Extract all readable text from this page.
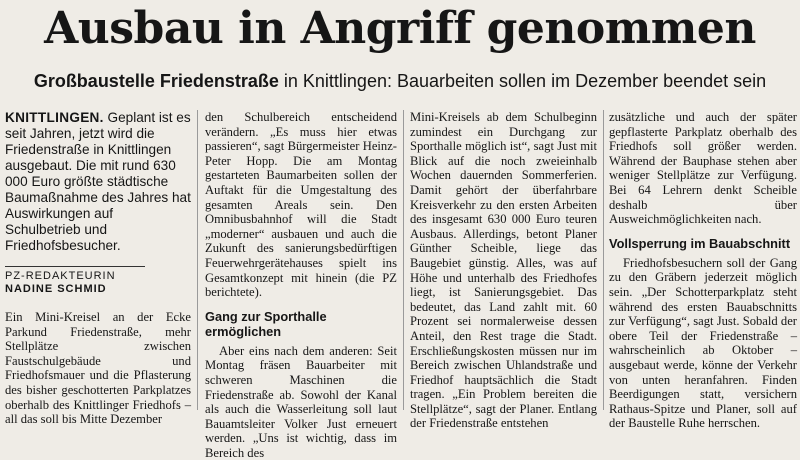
Ausbau in Angriff genommen
Großbaustelle Friedenstraße in Knittlingen: Bauarbeiten sollen im Dezember beendet sein

KNITTLINGEN. Geplant ist es seit Jahren, jetzt wird die Friedenstraße in Knittlingen ausgebaut. Die mit rund 630 000 Euro größte städtische Baumaßnahme des Jahres hat Auswirkungen auf Schulbetrieb und Friedhofsbesucher.

PZ-REDAKTEURIN
NADINE SCHMID

Ein Mini-Kreisel an der Ecke Parkund Friedenstraße, mehr Stellplätze zwischen Faustschulgebäude und Friedhofsmauer und die Pflasterung des bisher geschotterten Parkplatzes oberhalb des Knittlinger Friedhofs – all das soll bis Mitte Dezember

den Schulbereich entscheidend verändern. „Es muss hier etwas passieren“, sagt Bürgermeister Heinz-Peter Hopp. Die am Montag gestarteten Baumarbeiten sollen der Auftakt für die Umgestaltung des gesamten Areals sein. Den Omnibusbahnhof will die Stadt „moderner“ ausbauen und auch die Zukunft des sanierungsbedürftigen Feuerwehrgerätehauses spielt ins Gesamtkonzept mit hinein (die PZ berichtete).

Gang zur Sporthalle ermöglichen

Aber eins nach dem anderen: Seit Montag fräsen Bauarbeiter mit schweren Maschinen die Friedenstraße ab. Sowohl der Kanal als auch die Wasserleitung soll laut Bauamtsleiter Volker Just erneuert werden. „Uns ist wichtig, dass im Bereich des

Mini-Kreisels ab dem Schulbeginn zumindest ein Durchgang zur Sporthalle möglich ist“, sagt Just mit Blick auf die noch zweieinhalb Wochen dauernden Sommerferien. Damit gehört der überfahrbare Kreisverkehr zu den ersten Arbeiten des insgesamt 630 000 Euro teuren Ausbaus. Allerdings, betont Planer Günther Scheible, liege das Baugebiet günstig. Alles, was auf Höhe und unterhalb des Friedhofes liegt, ist Sanierungsgebiet. Das bedeutet, das Land zahlt mit. 60 Prozent sei normalerweise dessen Anteil, den Rest trage die Stadt. Erschließungskosten müssen nur im Bereich zwischen Uhlandstraße und Friedhof hauptsächlich die Stadt tragen. „Ein Problem bereiten die Stellplätze“, sagt der Planer. Entlang der Friedenstraße entstehen

zusätzliche und auch der später gepflasterte Parkplatz oberhalb des Friedhofs soll größer werden. Während der Bauphase stehen aber weniger Stellplätze zur Verfügung. Bei 64 Lehrern denkt Scheible deshalb über Ausweichmöglichkeiten nach.

Vollsperrung im Bauabschnitt

Friedhofsbesuchern soll der Gang zu den Gräbern jederzeit möglich sein. „Der Schotterparkplatz steht während des ersten Bauabschnitts zur Verfügung“, sagt Just. Sobald der obere Teil der Friedenstraße – wahrscheinlich ab Oktober – ausgebaut werde, könne der Verkehr von unten heranfahren. Finden Beerdigungen statt, versichern Rathaus-Spitze und Planer, soll auf der Baustelle Ruhe herrschen.
